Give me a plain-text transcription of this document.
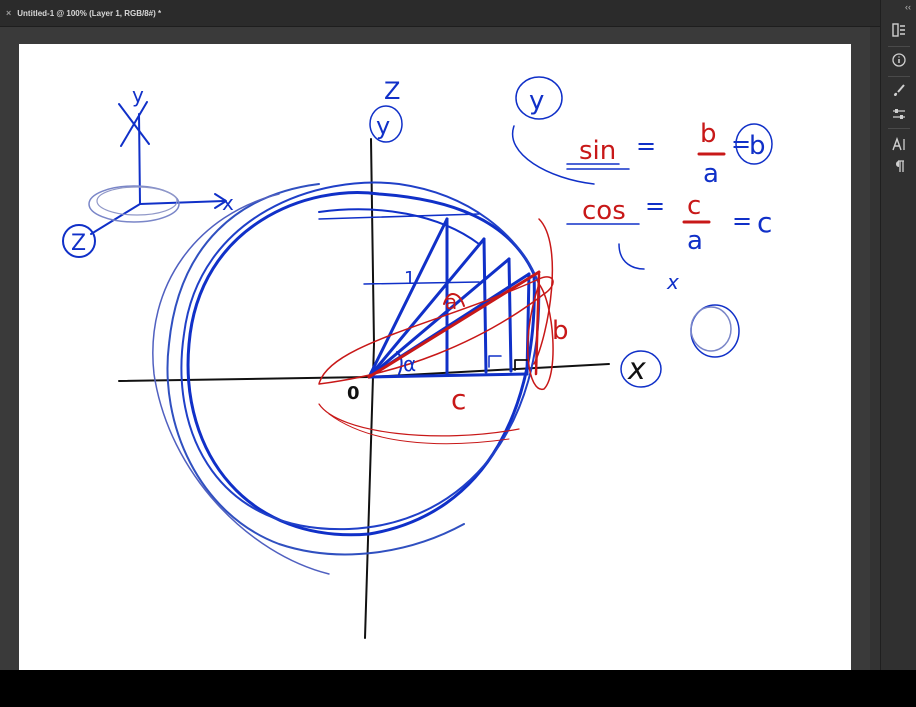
× Untitled-1 @ 100% (Layer 1, RGB/8#) *
y
x
Z
y
Z
x
0
y
sin = b
a
=
b
cos = c
a
= c
x
a
b
c
α
1
‹‹
